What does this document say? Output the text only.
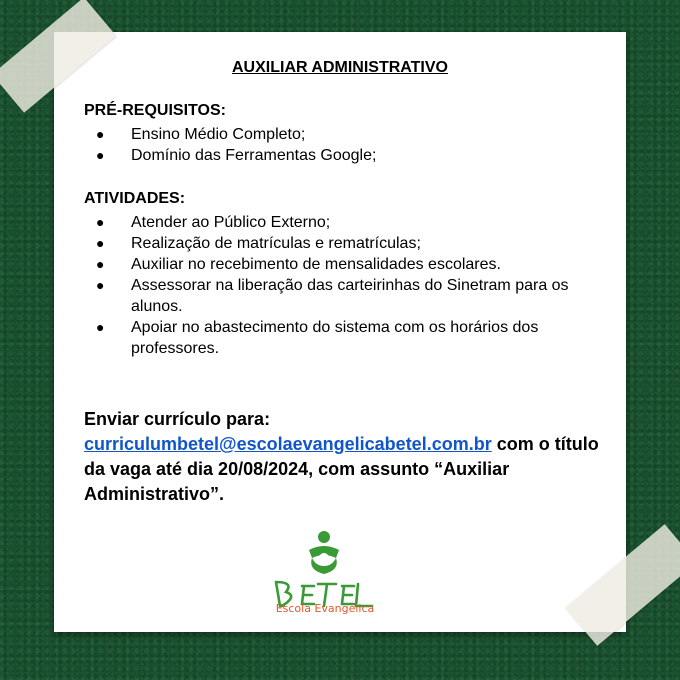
AUXILIAR ADMINISTRATIVO
PRÉ-REQUISITOS:
● Ensino Médio Completo;
● Domínio das Ferramentas Google;
ATIVIDADES:
● Atender ao Público Externo;
● Realização de matrículas e rematrículas;
● Auxiliar no recebimento de mensalidades escolares.
● Assessorar na liberação das carteirinhas do Sinetram para os alunos.
● Apoiar no abastecimento do sistema com os horários dos professores.
Enviar currículo para:
curriculumbetel@escolaevangelicabetel.com.br com o título da vaga até dia 20/08/2024, com assunto “Auxiliar Administrativo”.
Escola Evangélica
